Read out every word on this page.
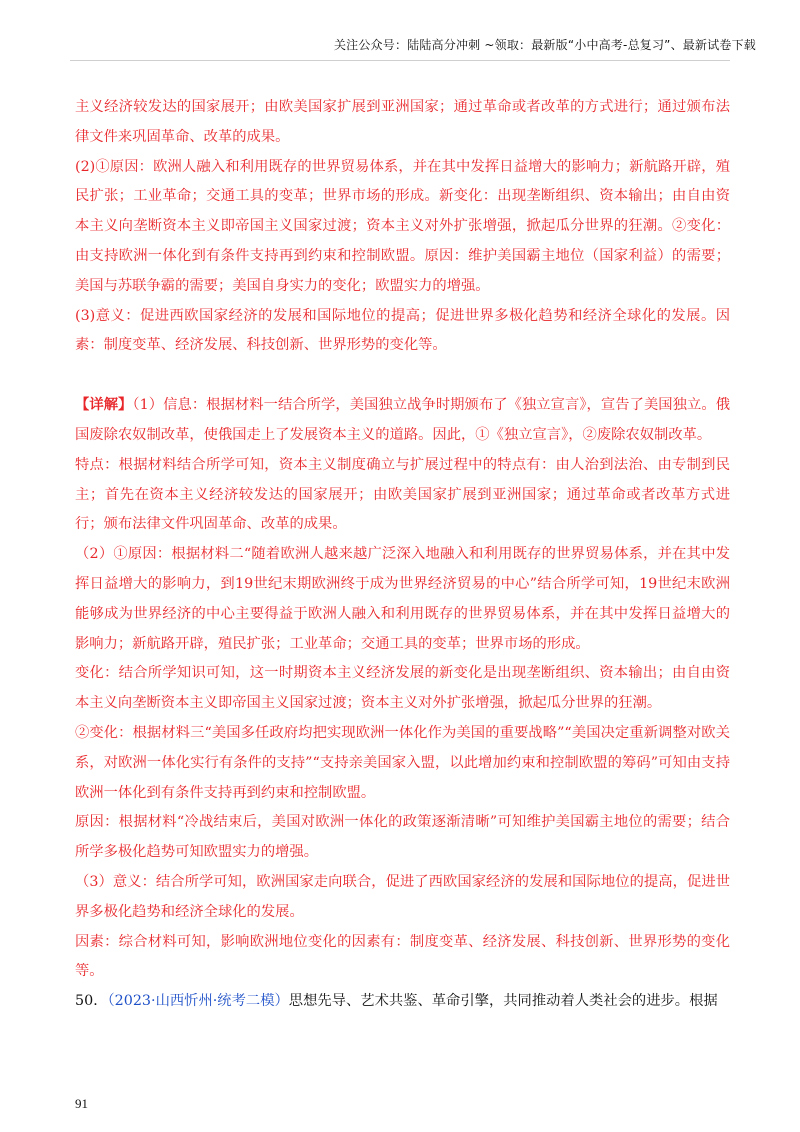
关注公众号：陆陆高分冲刺 ~领取：最新版“小中高考-总复习”、最新试卷下载

主义经济较发达的国家展开；由欧美国家扩展到亚洲国家；通过革命或者改革的方式进行；通过颁布法律文件来巩固革命、改革的成果。

(2)①原因：欧洲人融入和利用既存的世界贸易体系，并在其中发挥日益增大的影响力；新航路开辟，殖民扩张；工业革命；交通工具的变革；世界市场的形成。新变化：出现垄断组织、资本输出；由自由资本主义向垄断资本主义即帝国主义国家过渡；资本主义对外扩张增强，掀起瓜分世界的狂潮。②变化：由支持欧洲一体化到有条件支持再到约束和控制欧盟。原因：维护美国霸主地位（国家利益）的需要；美国与苏联争霸的需要；美国自身实力的变化；欧盟实力的增强。

(3)意义：促进西欧国家经济的发展和国际地位的提高；促进世界多极化趋势和经济全球化的发展。因素：制度变革、经济发展、科技创新、世界形势的变化等。

【详解】（1）信息：根据材料一结合所学，美国独立战争时期颁布了《独立宣言》，宣告了美国独立。俄国废除农奴制改革，使俄国走上了发展资本主义的道路。因此，①《独立宣言》，②废除农奴制改革。

特点：根据材料结合所学可知，资本主义制度确立与扩展过程中的特点有：由人治到法治、由专制到民主；首先在资本主义经济较发达的国家展开；由欧美国家扩展到亚洲国家；通过革命或者改革方式进行；颁布法律文件巩固革命、改革的成果。

（2）①原因：根据材料二“随着欧洲人越来越广泛深入地融入和利用既存的世界贸易体系，并在其中发挥日益增大的影响力，到19世纪末期欧洲终于成为世界经济贸易的中心”结合所学可知，19世纪末欧洲能够成为世界经济的中心主要得益于欧洲人融入和利用既存的世界贸易体系，并在其中发挥日益增大的影响力；新航路开辟，殖民扩张；工业革命；交通工具的变革；世界市场的形成。

变化：结合所学知识可知，这一时期资本主义经济发展的新变化是出现垄断组织、资本输出；由自由资本主义向垄断资本主义即帝国主义国家过渡；资本主义对外扩张增强，掀起瓜分世界的狂潮。

②变化：根据材料三“美国多任政府均把实现欧洲一体化作为美国的重要战略”“美国决定重新调整对欧关系，对欧洲一体化实行有条件的支持”“支持亲美国家入盟，以此增加约束和控制欧盟的筹码”可知由支持欧洲一体化到有条件支持再到约束和控制欧盟。

原因：根据材料“冷战结束后，美国对欧洲一体化的政策逐渐清晰”可知维护美国霸主地位的需要；结合所学多极化趋势可知欧盟实力的增强。

（3）意义：结合所学可知，欧洲国家走向联合，促进了西欧国家经济的发展和国际地位的提高，促进世界多极化趋势和经济全球化的发展。

因素：综合材料可知，影响欧洲地位变化的因素有：制度变革、经济发展、科技创新、世界形势的变化等。

50．（2023·山西忻州·统考二模）思想先导、艺术共鉴、革命引擎，共同推动着人类社会的进步。根据

91
